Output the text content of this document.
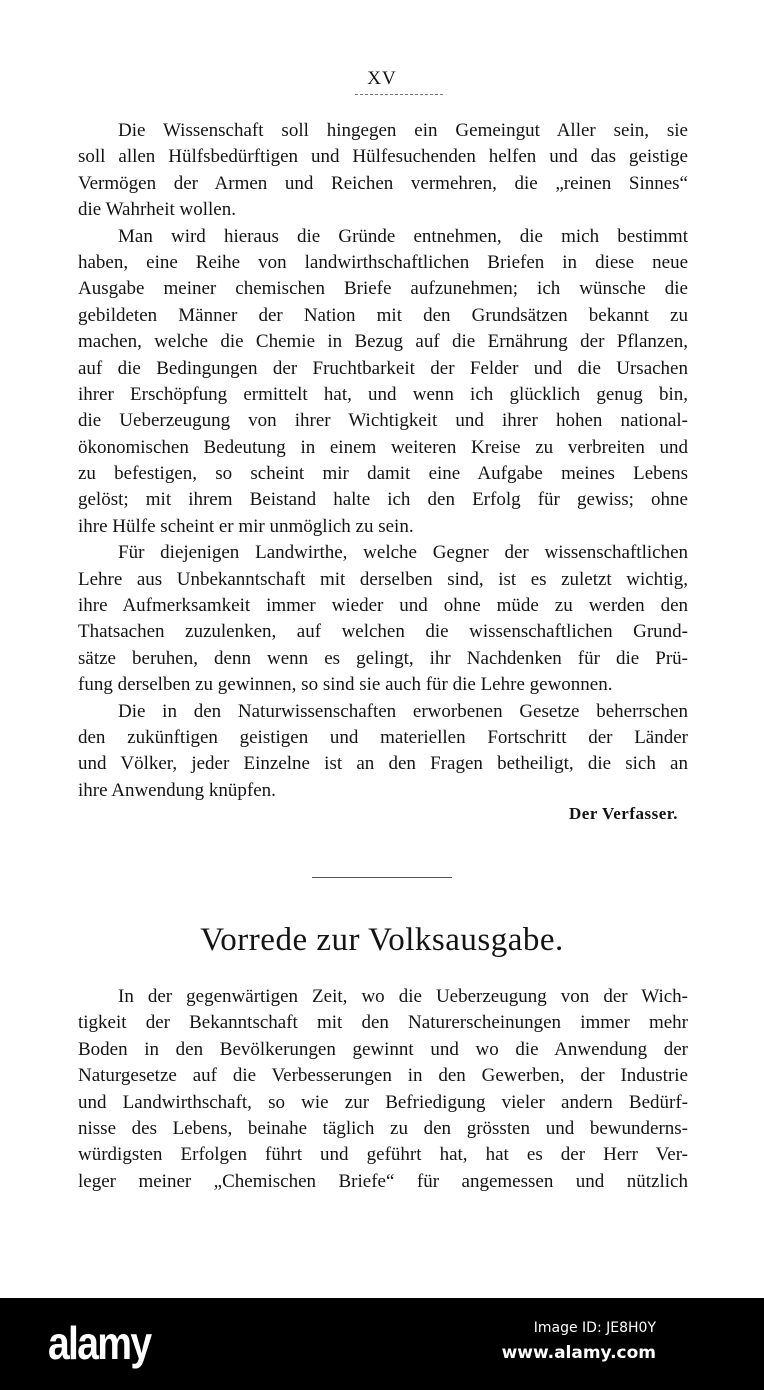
XV
Die Wissenschaft soll hingegen ein Gemeingut Aller sein, sie
soll allen Hülfsbedürftigen und Hülfesuchenden helfen und das geistige
Vermögen der Armen und Reichen vermehren, die „reinen Sinnes“
die Wahrheit wollen.
Man wird hieraus die Gründe entnehmen, die mich bestimmt
haben, eine Reihe von landwirthschaftlichen Briefen in diese neue
Ausgabe meiner chemischen Briefe aufzunehmen; ich wünsche die
gebildeten Männer der Nation mit den Grundsätzen bekannt zu
machen, welche die Chemie in Bezug auf die Ernährung der Pflanzen,
auf die Bedingungen der Fruchtbarkeit der Felder und die Ursachen
ihrer Erschöpfung ermittelt hat, und wenn ich glücklich genug bin,
die Ueberzeugung von ihrer Wichtigkeit und ihrer hohen national-
ökonomischen Bedeutung in einem weiteren Kreise zu verbreiten und
zu befestigen, so scheint mir damit eine Aufgabe meines Lebens
gelöst; mit ihrem Beistand halte ich den Erfolg für gewiss; ohne
ihre Hülfe scheint er mir unmöglich zu sein.
Für diejenigen Landwirthe, welche Gegner der wissenschaftlichen
Lehre aus Unbekanntschaft mit derselben sind, ist es zuletzt wichtig,
ihre Aufmerksamkeit immer wieder und ohne müde zu werden den
Thatsachen zuzulenken, auf welchen die wissenschaftlichen Grund-
sätze beruhen, denn wenn es gelingt, ihr Nachdenken für die Prü-
fung derselben zu gewinnen, so sind sie auch für die Lehre gewonnen.
Die in den Naturwissenschaften erworbenen Gesetze beherrschen
den zukünftigen geistigen und materiellen Fortschritt der Länder
und Völker, jeder Einzelne ist an den Fragen betheiligt, die sich an
ihre Anwendung knüpfen.
Der Verfasser.
Vorrede zur Volksausgabe.
In der gegenwärtigen Zeit, wo die Ueberzeugung von der Wich-
tigkeit der Bekanntschaft mit den Naturerscheinungen immer mehr
Boden in den Bevölkerungen gewinnt und wo die Anwendung der
Naturgesetze auf die Verbesserungen in den Gewerben, der Industrie
und Landwirthschaft, so wie zur Befriedigung vieler andern Bedürf-
nisse des Lebens, beinahe täglich zu den grössten und bewunderns-
würdigsten Erfolgen führt und geführt hat, hat es der Herr Ver-
leger meiner „Chemischen Briefe“ für angemessen und nützlich
alamy	Image ID: JE8H0Y
www.alamy.com
